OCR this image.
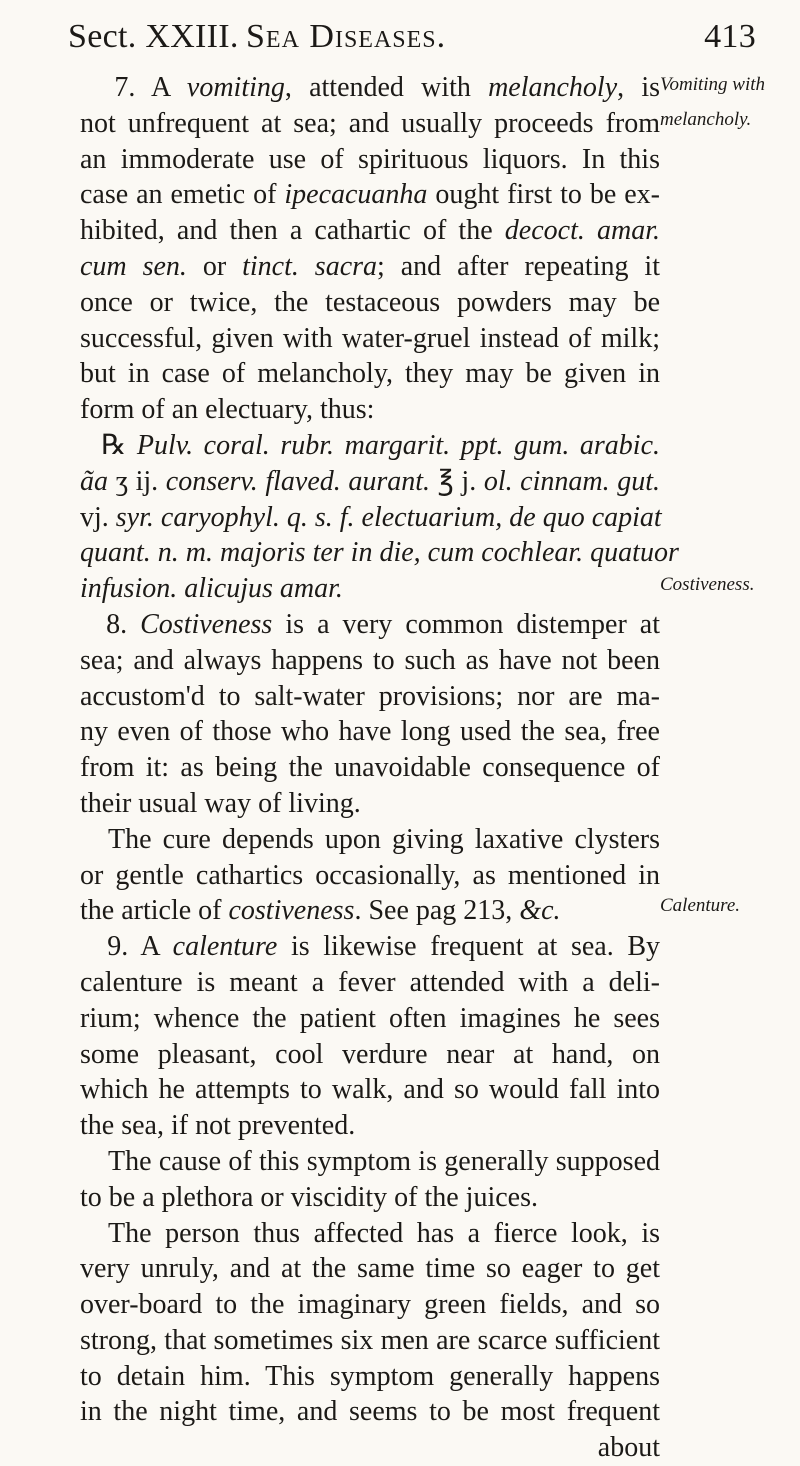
Sect. XXIII. Sea Diseases.	413
Vomiting with
melancholy.
Costiveness.
Calenture.
7. A vomiting, attended with melancholy, is
not unfrequent at sea; and usually proceeds from
an immoderate use of spirituous liquors. In this
case an emetic of ipecacuanha ought first to be ex-
hibited, and then a cathartic of the decoct. amar.
cum sen. or tinct. sacra; and after repeating it
once or twice, the testaceous powders may be
successful, given with water-gruel instead of milk;
but in case of melancholy, they may be given in
form of an electuary, thus:
℞ Pulv. coral. rubr. margarit. ppt. gum. arabic.
ãa ʒ ij. conserv. flaved. aurant. ℥ j. ol. cinnam. gut.
vj. syr. caryophyl. q. s. f. electuarium, de quo capiat
quant. n. m. majoris ter in die, cum cochlear. quatuor
infusion. alicujus amar.
8. Costiveness is a very common distemper at
sea; and always happens to such as have not been
accustom'd to salt-water provisions; nor are ma-
ny even of those who have long used the sea, free
from it: as being the unavoidable consequence of
their usual way of living.
The cure depends upon giving laxative clysters
or gentle cathartics occasionally, as mentioned in
the article of costiveness. See pag 213, &c.
9. A calenture is likewise frequent at sea. By
calenture is meant a fever attended with a deli-
rium; whence the patient often imagines he sees
some pleasant, cool verdure near at hand, on
which he attempts to walk, and so would fall into
the sea, if not prevented.
The cause of this symptom is generally supposed
to be a plethora or viscidity of the juices.
The person thus affected has a fierce look, is
very unruly, and at the same time so eager to get
over-board to the imaginary green fields, and so
strong, that sometimes six men are scarce sufficient
to detain him. This symptom generally happens
in the night time, and seems to be most frequent
about
